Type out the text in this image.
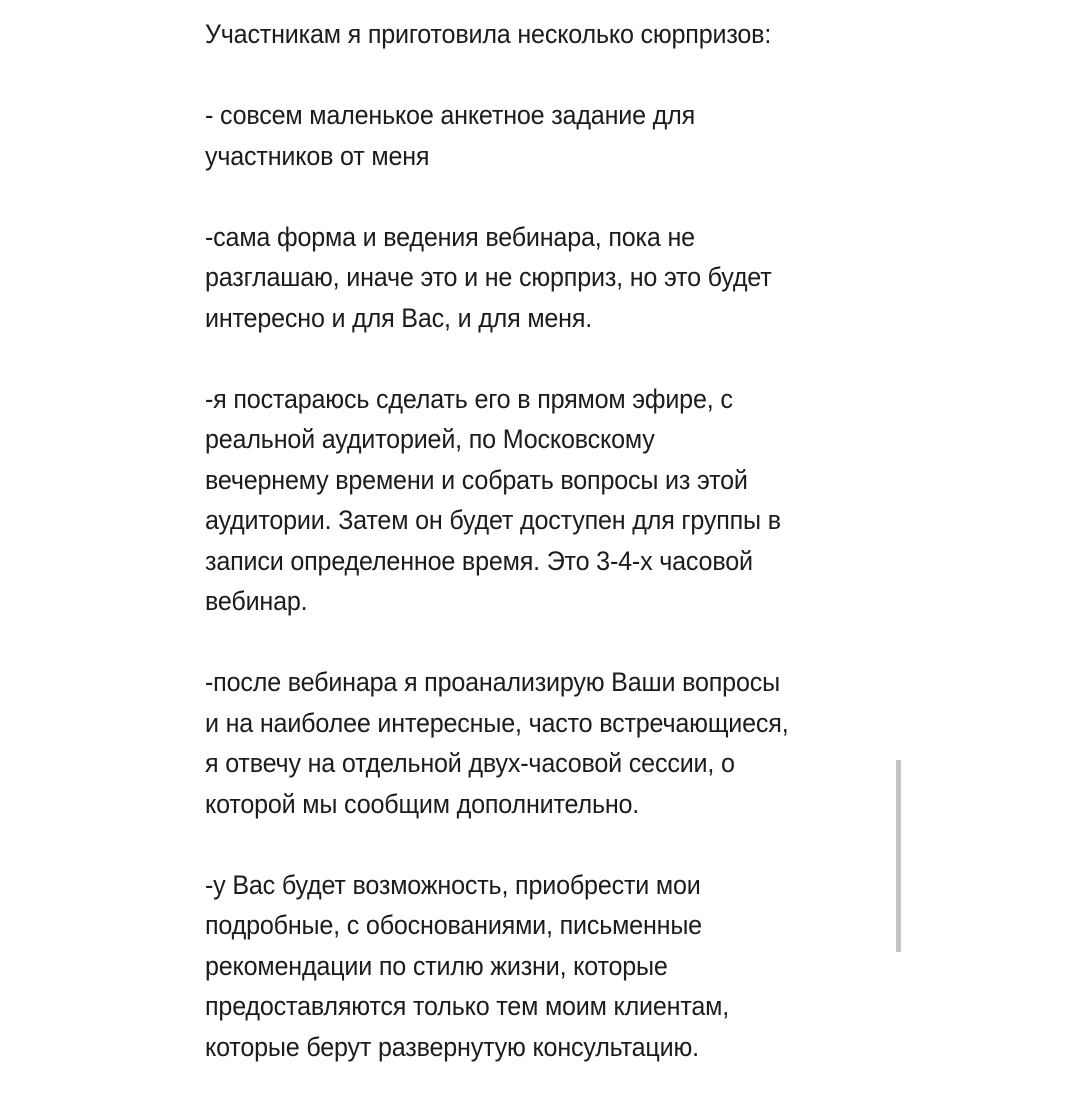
Участникам я приготовила несколько сюрпризов:
- совсем маленькое анкетное задание для
участников от меня
-сама форма и ведения вебинара, пока не
разглашаю, иначе это и не сюрприз, но это будет
интересно и для Вас, и для меня.
-я постараюсь сделать его в прямом эфире, с
реальной аудиторией, по Московскому
вечернему времени и собрать вопросы из этой
аудитории. Затем он будет доступен для группы в
записи определенное время. Это 3-4-х часовой
вебинар.
-после вебинара я проанализирую Ваши вопросы
и на наиболее интересные, часто встречающиеся,
я отвечу на отдельной двух-часовой сессии, о
которой мы сообщим дополнительно.
-у Вас будет возможность, приобрести мои
подробные, с обоснованиями, письменные
рекомендации по стилю жизни, которые
предоставляются только тем моим клиентам,
которые берут развернутую консультацию.
